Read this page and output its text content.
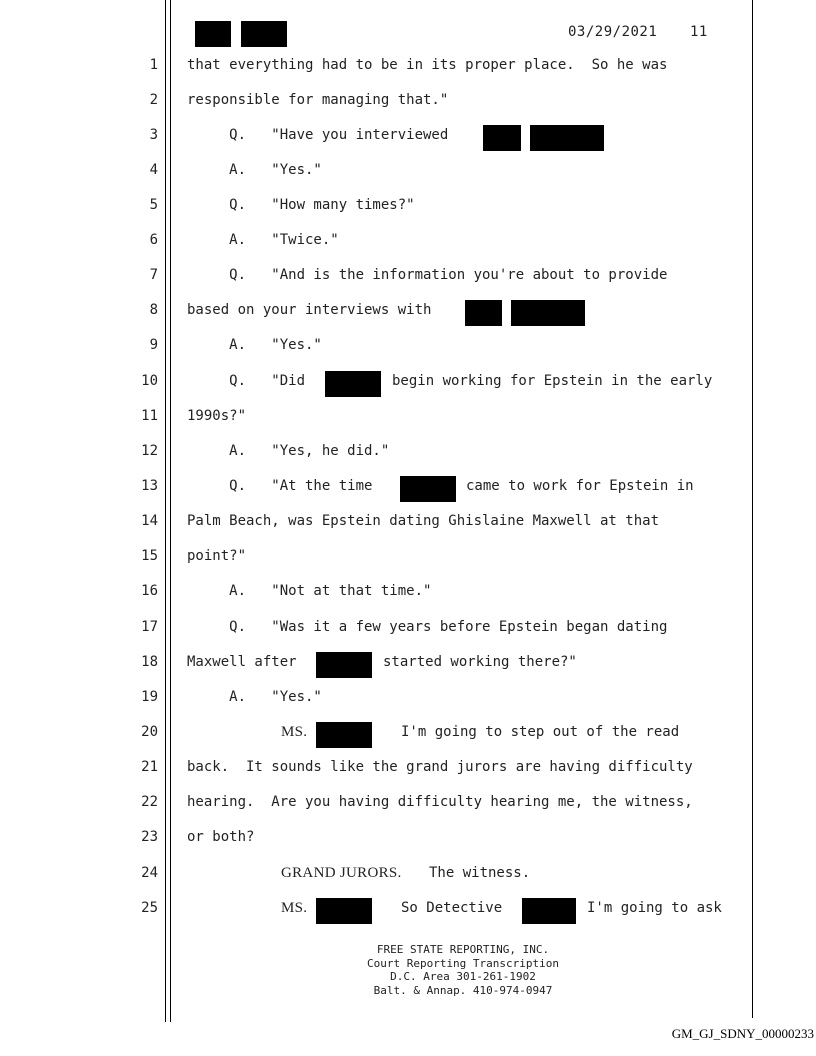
03/29/2021 11
1 that everything had to be in its proper place.  So he was
2 responsible for managing that."
3 Q.   "Have you interviewed
4 A.   "Yes."
5 Q.   "How many times?"
6 A.   "Twice."
7 Q.   "And is the information you're about to provide
8 based on your interviews with
9 A.   "Yes."
10 Q.   "Did	begin working for Epstein in the early
11 1990s?"
12 A.   "Yes, he did."
13 Q.   "At the time	came to work for Epstein in
14 Palm Beach, was Epstein dating Ghislaine Maxwell at that
15 point?"
16 A.   "Not at that time."
17 Q.   "Was it a few years before Epstein began dating
18 Maxwell after	started working there?"
19 A.   "Yes."
20	MS.	I'm going to step out of the read
21 back.  It sounds like the grand jurors are having difficulty
22 hearing.  Are you having difficulty hearing me, the witness,
23 or both?
24	GRAND JURORS. The witness.
25	MS.	So Detective	I'm going to ask
FREE STATE REPORTING, INC.
Court Reporting Transcription
D.C. Area 301-261-1902
Balt. & Annap. 410-974-0947
GM_GJ_SDNY_00000233
